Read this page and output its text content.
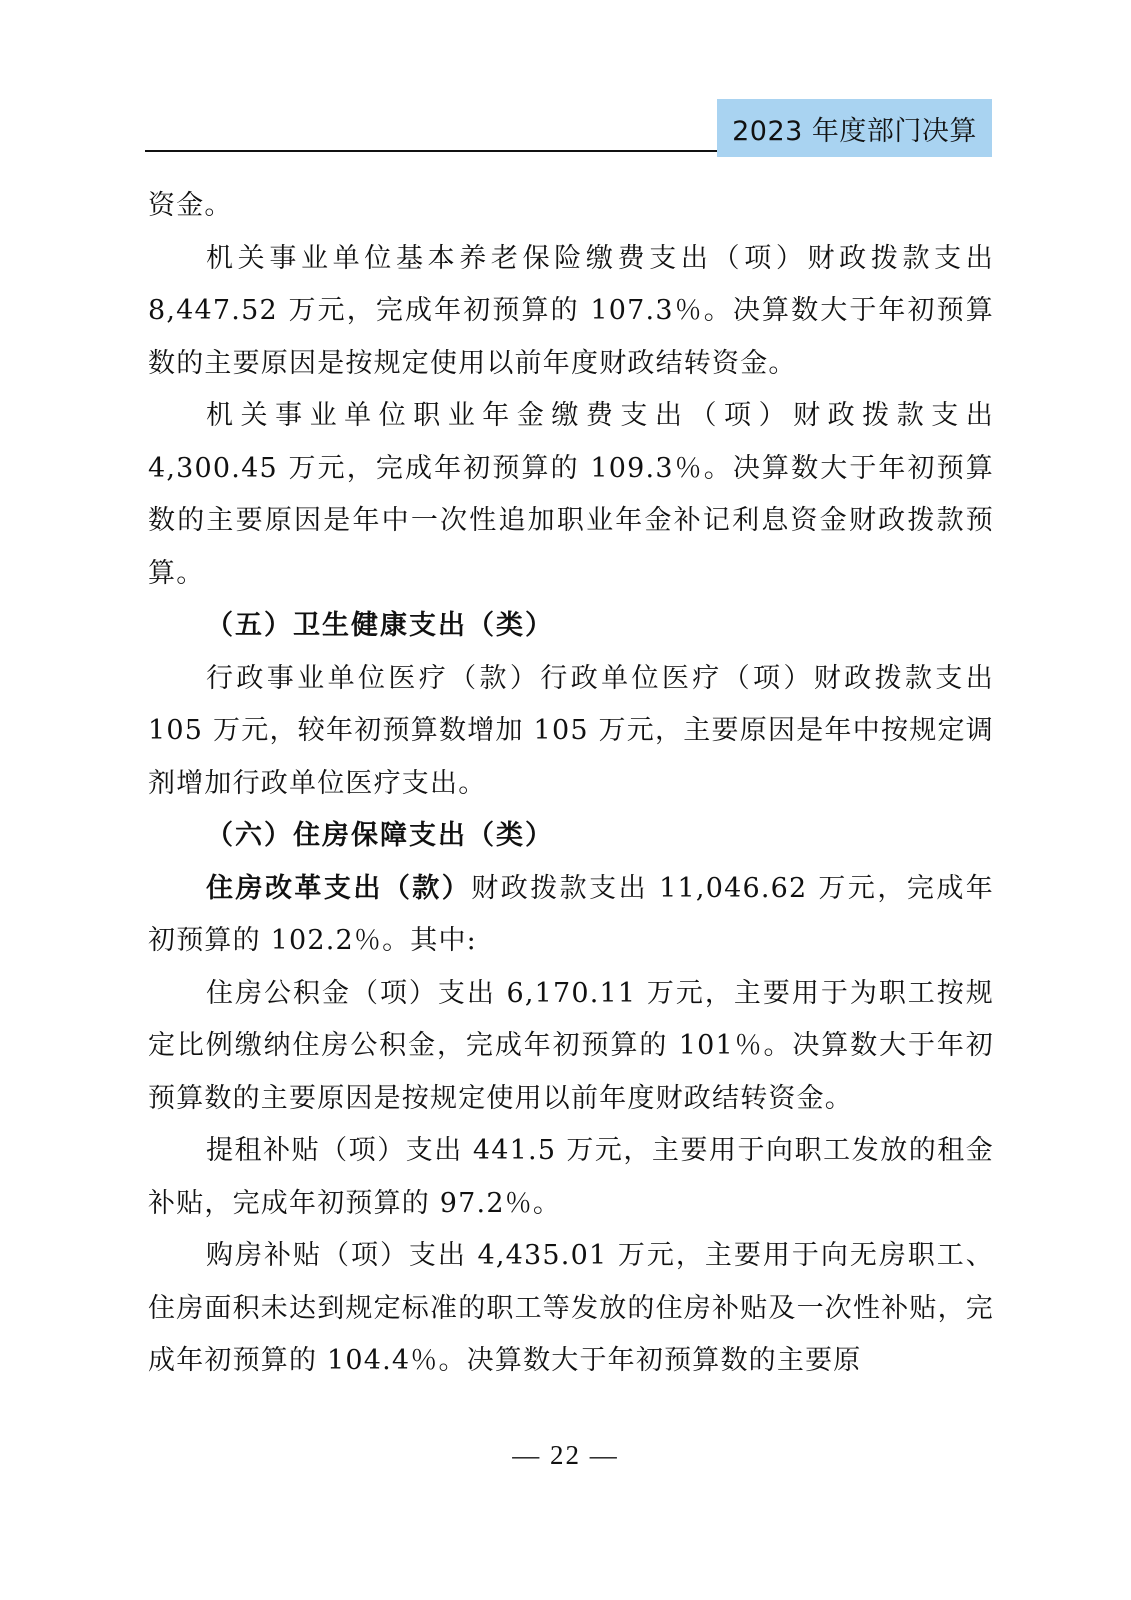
2023 年度部门决算

资金。

机关事业单位基本养老保险缴费支出（项）财政拨款支出 8,447.52 万元，完成年初预算的 107.3％。决算数大于年初预算数的主要原因是按规定使用以前年度财政结转资金。

机关事业单位职业年金缴费支出（项）财政拨款支出 4,300.45 万元，完成年初预算的 109.3％。决算数大于年初预算数的主要原因是年中一次性追加职业年金补记利息资金财政拨款预算。

（五）卫生健康支出（类）

行政事业单位医疗（款）行政单位医疗（项）财政拨款支出 105 万元，较年初预算数增加 105 万元，主要原因是年中按规定调剂增加行政单位医疗支出。

（六）住房保障支出（类）

住房改革支出（款）财政拨款支出 11,046.62 万元，完成年初预算的 102.2％。其中:

住房公积金（项）支出 6,170.11 万元，主要用于为职工按规定比例缴纳住房公积金，完成年初预算的 101％。决算数大于年初预算数的主要原因是按规定使用以前年度财政结转资金。

提租补贴（项）支出 441.5 万元，主要用于向职工发放的租金补贴，完成年初预算的 97.2％。

购房补贴（项）支出 4,435.01 万元，主要用于向无房职工、住房面积未达到规定标准的职工等发放的住房补贴及一次性补贴，完成年初预算的 104.4％。决算数大于年初预算数的主要原

— 22 —
